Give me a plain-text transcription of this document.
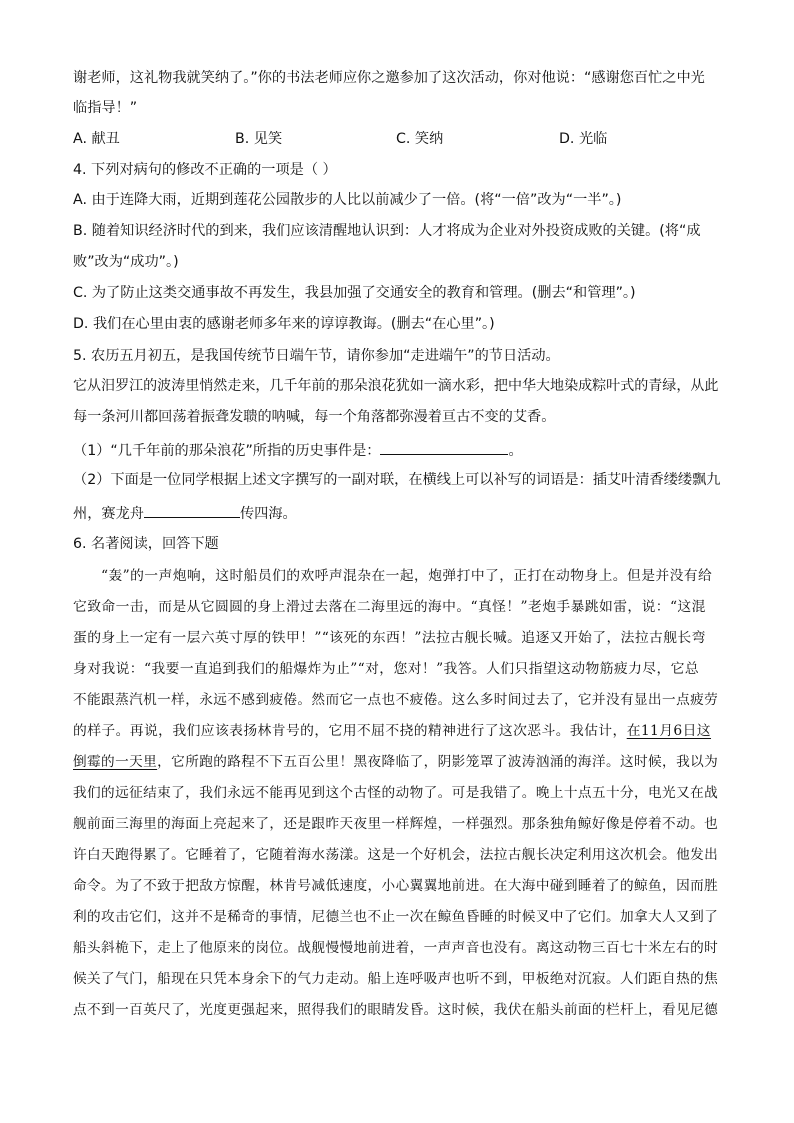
谢老师，这礼物我就笑纳了。”你的书法老师应你之邀参加了这次活动，你对他说：“感谢您百忙之中光
临指导！”
A. 献丑	B. 见笑	C. 笑纳	D. 光临
4. 下列对病句的修改不正确的一项是（ ）
A. 由于连降大雨，近期到莲花公园散步的人比以前减少了一倍。(将“一倍”改为“一半”。)
B. 随着知识经济时代的到来，我们应该清醒地认识到：人才将成为企业对外投资成败的关键。(将“成
败”改为“成功”。)
C. 为了防止这类交通事故不再发生，我县加强了交通安全的教育和管理。(删去“和管理”。)
D. 我们在心里由衷的感谢老师多年来的谆谆教诲。(删去“在心里”。)
5. 农历五月初五，是我国传统节日端午节，请你参加“走进端午”的节日活动。
它从汨罗江的波涛里悄然走来，几千年前的那朵浪花犹如一滴水彩，把中华大地染成粽叶式的青绿，从此
每一条河川都回荡着振聋发聩的呐喊，每一个角落都弥漫着亘古不变的艾香。
（1）“几千年前的那朵浪花”所指的历史事件是：	。
（2）下面是一位同学根据上述文字撰写的一副对联，在横线上可以补写的词语是：插艾叶清香缕缕飘九
州，赛龙舟	传四海。
6. 名著阅读，回答下题
“轰”的一声炮响，这时船员们的欢呼声混杂在一起，炮弹打中了，正打在动物身上。但是并没有给
它致命一击，而是从它圆圆的身上滑过去落在二海里远的海中。“真怪！”老炮手暴跳如雷，说：“这混
蛋的身上一定有一层六英寸厚的铁甲！”“该死的东西！”法拉古舰长喊。追逐又开始了，法拉古舰长弯
身对我说：“我要一直追到我们的船爆炸为止”“对，您对！”我答。人们只指望这动物筋疲力尽，它总
不能跟蒸汽机一样，永远不感到疲倦。然而它一点也不疲倦。这么多时间过去了，它并没有显出一点疲劳
的样子。再说，我们应该表扬林肯号的，它用不屈不挠的精神进行了这次恶斗。我估计，在11月6日这
倒霉的一天里，它所跑的路程不下五百公里！黑夜降临了，阴影笼罩了波涛汹涌的海洋。这时候，我以为
我们的远征结束了，我们永远不能再见到这个古怪的动物了。可是我错了。晚上十点五十分，电光又在战
舰前面三海里的海面上亮起来了，还是跟昨天夜里一样辉煌，一样强烈。那条独角鲸好像是停着不动。也
许白天跑得累了。它睡着了，它随着海水荡漾。这是一个好机会，法拉古舰长决定利用这次机会。他发出
命令。为了不致于把敌方惊醒，林肯号减低速度，小心翼翼地前进。在大海中碰到睡着了的鲸鱼，因而胜
利的攻击它们，这并不是稀奇的事情，尼德兰也不止一次在鲸鱼昏睡的时候叉中了它们。加拿大人又到了
船头斜桅下，走上了他原来的岗位。战舰慢慢地前进着，一声声音也没有。离这动物三百七十米左右的时
候关了气门，船现在只凭本身余下的气力走动。船上连呼吸声也听不到，甲板绝对沉寂。人们距自热的焦
点不到一百英尺了，光度更强起来，照得我们的眼睛发昏。这时候，我伏在船头前面的栏杆上，看见尼德
